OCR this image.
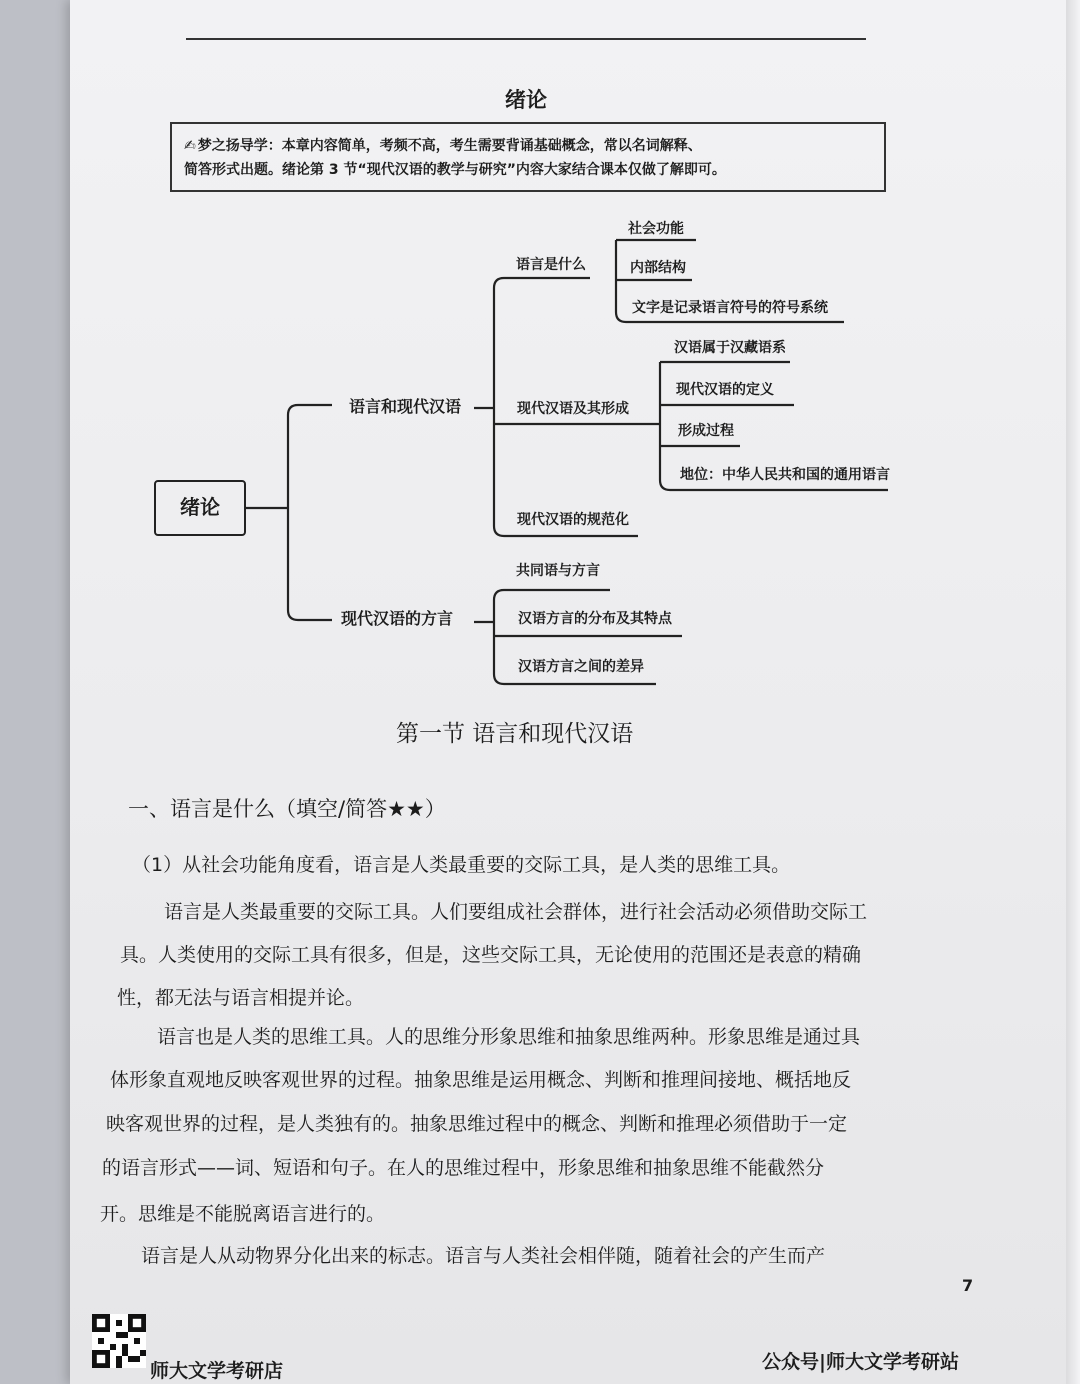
绪论
✍ 梦之扬导学：本章内容简单，考频不高，考生需要背诵基础概念，常以名词解释、
简答形式出题。绪论第 3 节“现代汉语的教学与研究”内容大家结合课本仅做了解即可。
绪论
语言和现代汉语
现代汉语的方言
语言是什么
社会功能
内部结构
文字是记录语言符号的符号系统
现代汉语及其形成
汉语属于汉藏语系
现代汉语的定义
形成过程
地位：中华人民共和国的通用语言
现代汉语的规范化
共同语与方言
汉语方言的分布及其特点
汉语方言之间的差异
第一节 语言和现代汉语
一、语言是什么（填空/简答★★）
（1）从社会功能角度看，语言是人类最重要的交际工具，是人类的思维工具。
语言是人类最重要的交际工具。人们要组成社会群体，进行社会活动必须借助交际工
具。人类使用的交际工具有很多，但是，这些交际工具，无论使用的范围还是表意的精确
性，都无法与语言相提并论。
语言也是人类的思维工具。人的思维分形象思维和抽象思维两种。形象思维是通过具
体形象直观地反映客观世界的过程。抽象思维是运用概念、判断和推理间接地、概括地反
映客观世界的过程，是人类独有的。抽象思维过程中的概念、判断和推理必须借助于一定
的语言形式——词、短语和句子。在人的思维过程中，形象思维和抽象思维不能截然分
开。思维是不能脱离语言进行的。
语言是人从动物界分化出来的标志。语言与人类社会相伴随，随着社会的产生而产
7
师大文学考研店	公众号|师大文学考研站
